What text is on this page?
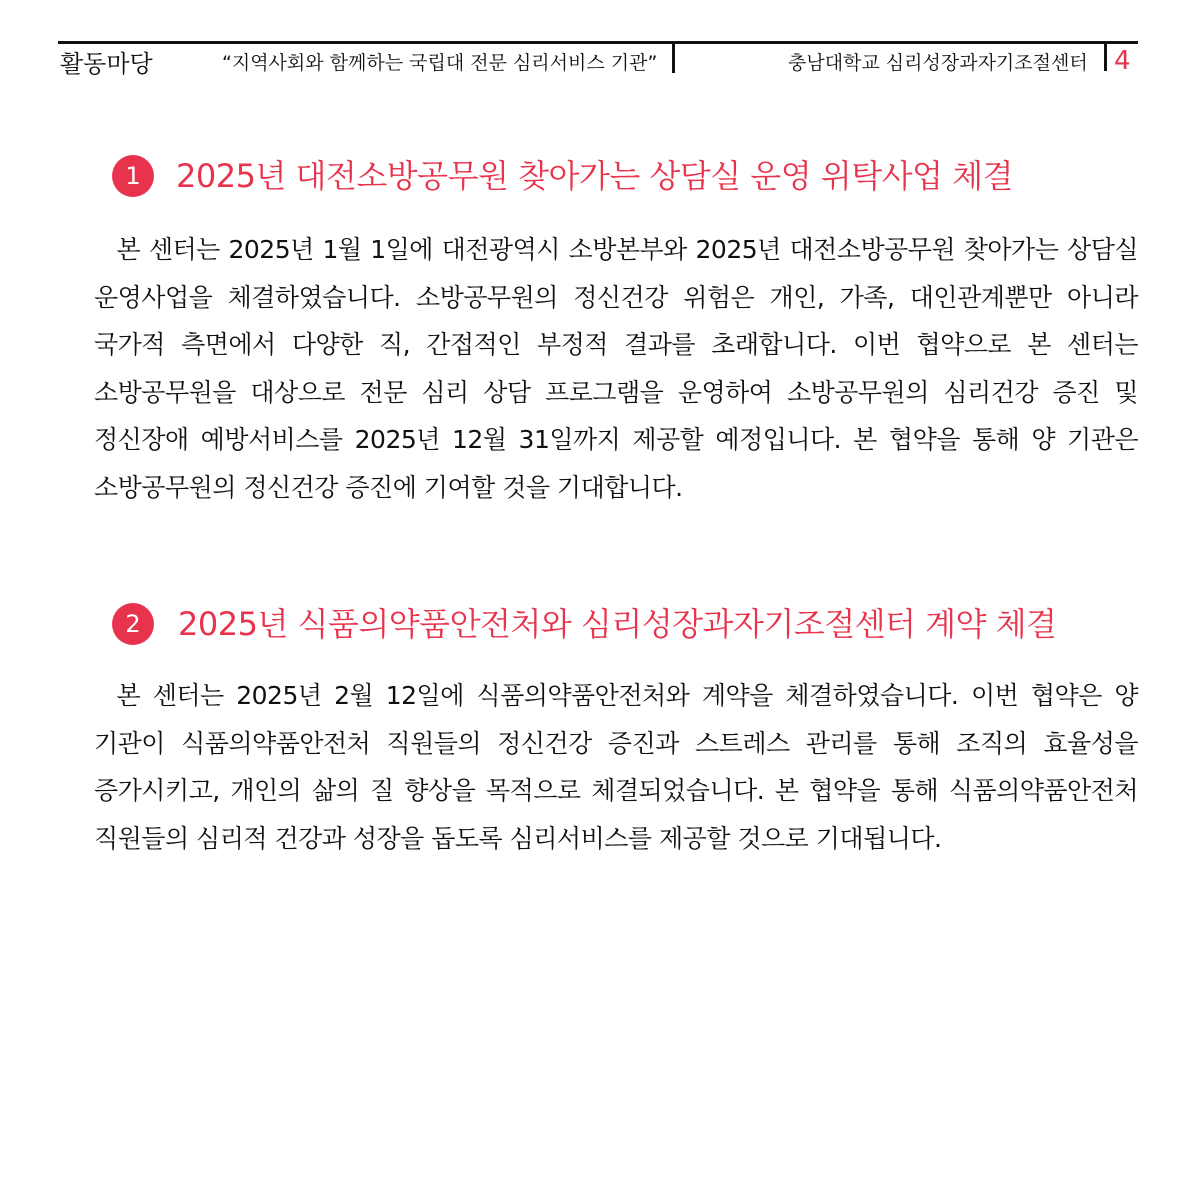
활동마당	“지역사회와 함께하는 국립대 전문 심리서비스 기관”	충남대학교 심리성장과자기조절센터 4
1	2025년 대전소방공무원 찾아가는 상담실 운영 위탁사업 체결

본 센터는 2025년 1월 1일에 대전광역시 소방본부와 2025년 대전소방공무원 찾아가는 상담실 운영사업을 체결하였습니다. 소방공무원의 정신건강 위험은 개인, 가족, 대인관계뿐만 아니라 국가적 측면에서 다양한 직, 간접적인 부정적 결과를 초래합니다. 이번 협약으로 본 센터는 소방공무원을 대상으로 전문 심리 상담 프로그램을 운영하여 소방공무원의 심리건강 증진 및 정신장애 예방서비스를 2025년 12월 31일까지 제공할 예정입니다. 본 협약을 통해 양 기관은 소방공무원의 정신건강 증진에 기여할 것을 기대합니다.

2	2025년 식품의약품안전처와 심리성장과자기조절센터 계약 체결

본 센터는 2025년 2월 12일에 식품의약품안전처와 계약을 체결하였습니다. 이번 협약은 양 기관이 식품의약품안전처 직원들의 정신건강 증진과 스트레스 관리를 통해 조직의 효율성을 증가시키고, 개인의 삶의 질 향상을 목적으로 체결되었습니다. 본 협약을 통해 식품의약품안전처 직원들의 심리적 건강과 성장을 돕도록 심리서비스를 제공할 것으로 기대됩니다.
